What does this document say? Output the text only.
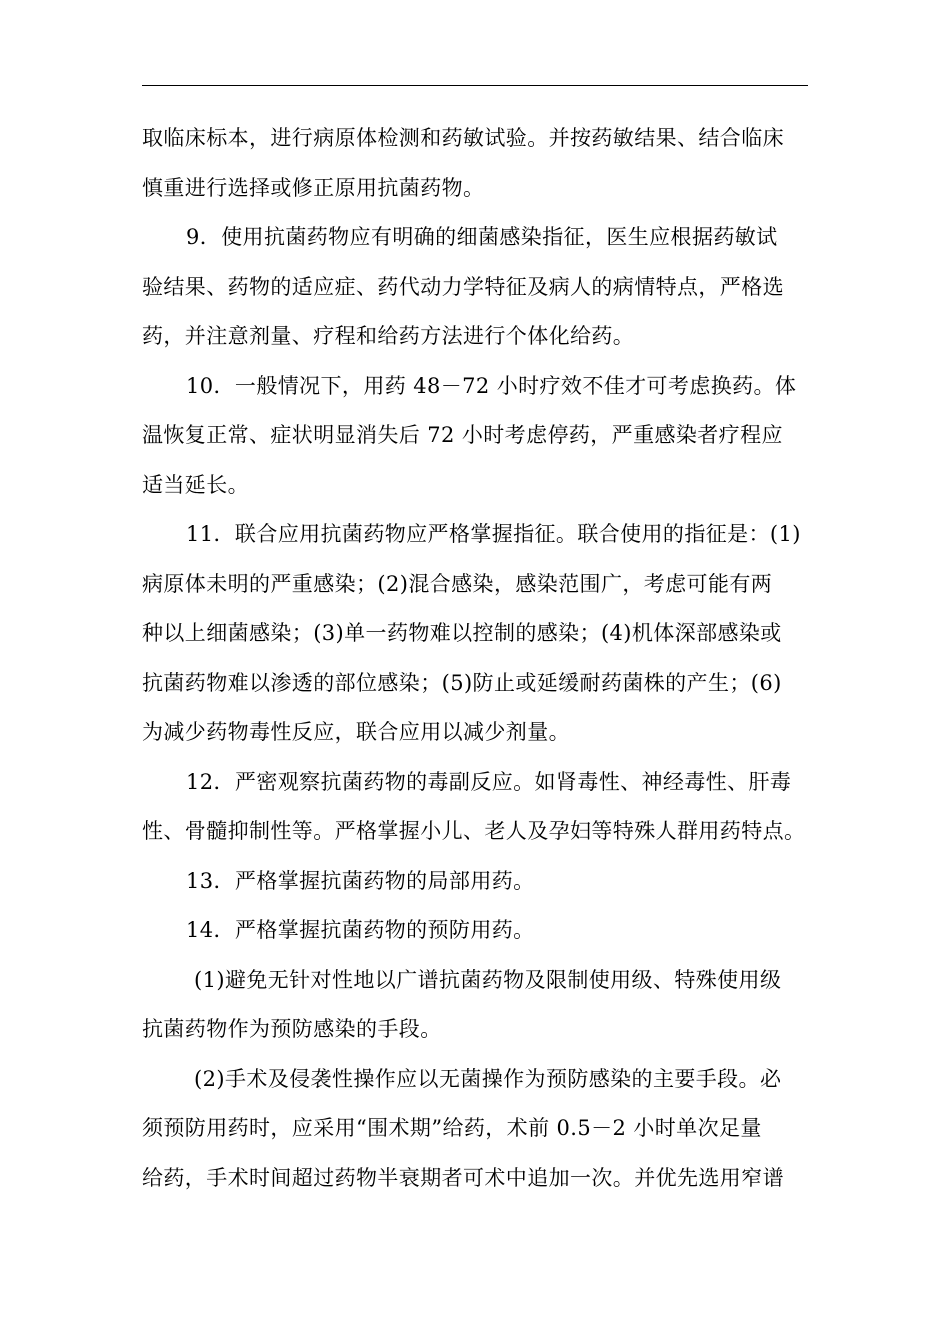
取临床标本，进行病原体检测和药敏试验。并按药敏结果、结合临床
慎重进行选择或修正原用抗菌药物。
9．使用抗菌药物应有明确的细菌感染指征，医生应根据药敏试
验结果、药物的适应症、药代动力学特征及病人的病情特点，严格选
药，并注意剂量、疗程和给药方法进行个体化给药。
10．一般情况下，用药 48－72 小时疗效不佳才可考虑换药。体
温恢复正常、症状明显消失后 72 小时考虑停药，严重感染者疗程应
适当延长。
11．联合应用抗菌药物应严格掌握指征。联合使用的指征是：(1)
病原体未明的严重感染；(2)混合感染，感染范围广，考虑可能有两
种以上细菌感染；(3)单一药物难以控制的感染；(4)机体深部感染或
抗菌药物难以渗透的部位感染；(5)防止或延缓耐药菌株的产生；(6)
为减少药物毒性反应，联合应用以减少剂量。
12．严密观察抗菌药物的毒副反应。如肾毒性、神经毒性、肝毒
性、骨髓抑制性等。严格掌握小儿、老人及孕妇等特殊人群用药特点。
13．严格掌握抗菌药物的局部用药。
14．严格掌握抗菌药物的预防用药。
(1)避免无针对性地以广谱抗菌药物及限制使用级、特殊使用级
抗菌药物作为预防感染的手段。
(2)手术及侵袭性操作应以无菌操作为预防感染的主要手段。必
须预防用药时，应采用“围术期”给药，术前 0.5－2 小时单次足量
给药，手术时间超过药物半衰期者可术中追加一次。并优先选用窄谱
